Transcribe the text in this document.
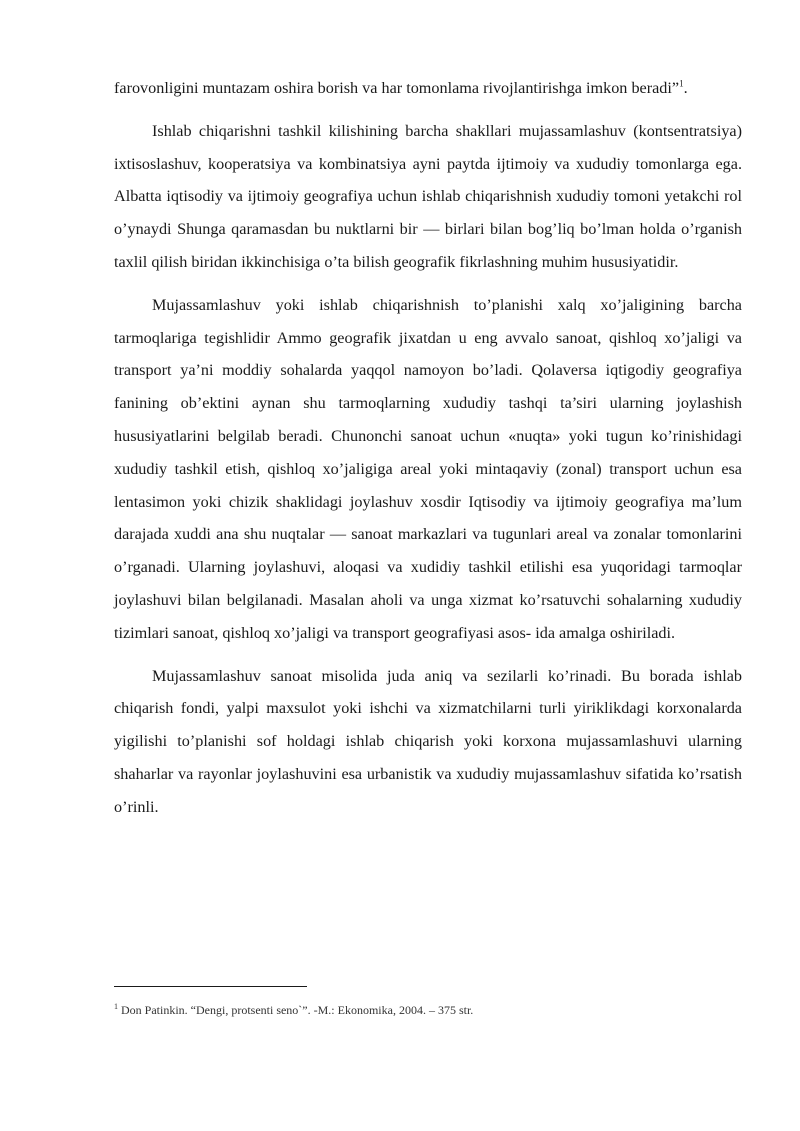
farovonligini muntazam oshira borish va har tomonlama rivojlantirishga imkon beradi”$^1$.

Ishlab chiqarishni tashkil kilishining barcha shakllari mujassamlashuv (kontsentratsiya) ixtisoslashuv, kooperatsiya va kombinatsiya ayni paytda ijtimoiy va xududiy tomonlarga ega. Albatta iqtisodiy va ijtimoiy geografiya uchun ishlab chiqarishnish xududiy tomoni yetakchi rol o’ynaydi Shunga qaramasdan bu nuktlarni bir — birlari bilan bog’liq bo’lman holda o’rganish taxlil qilish biridan ikkinchisiga o’ta bilish geografik fikrlashning muhim hususiyatidir.

Mujassamlashuv yoki ishlab chiqarishnish to’planishi xalq xo’jaligining barcha tarmoqlariga tegishlidir Ammo geografik jixatdan u eng avvalo sanoat, qishloq xo’jaligi va transport ya’ni moddiy sohalarda yaqqol namoyon bo’ladi. Qolaversa iqtigodiy geografiya fanining ob’ektini aynan shu tarmoqlarning xududiy tashqi ta’siri ularning joylashish hususiyatlarini belgilab beradi. Chunonchi sanoat uchun «nuqta» yoki tugun ko’rinishidagi xududiy tashkil etish, qishloq xo’jaligiga areal yoki mintaqaviy (zonal) transport uchun esa lentasimon yoki chizik shaklidagi joylashuv xosdir Iqtisodiy va ijtimoiy geografiya ma’lum darajada xuddi ana shu nuqtalar — sanoat markazlari va tugunlari areal va zonalar tomonlarini o’rganadi. Ularning joylashuvi, aloqasi va xudidiy tashkil etilishi esa yuqoridagi tarmoqlar joylashuvi bilan belgilanadi. Masalan aholi va unga xizmat ko’rsatuvchi sohalarning xududiy tizimlari sanoat, qishloq xo’jaligi va transport geografiyasi asos- ida amalga oshiriladi.

Mujassamlashuv sanoat misolida juda aniq va sezilarli ko’rinadi. Bu borada ishlab chiqarish fondi, yalpi maxsulot yoki ishchi va xizmatchilarni turli yiriklikdagi korxonalarda yigilishi to’planishi sof holdagi ishlab chiqarish yoki korxona mujassamlashuvi ularning shaharlar va rayonlar joylashuvini esa urbanistik va xududiy mujassamlashuv sifatida ko’rsatish o’rinli.

$^1$ Don Patinkin. “Dengi, protsenti seno`”. -M.: Ekonomika, 2004. – 375 str.
